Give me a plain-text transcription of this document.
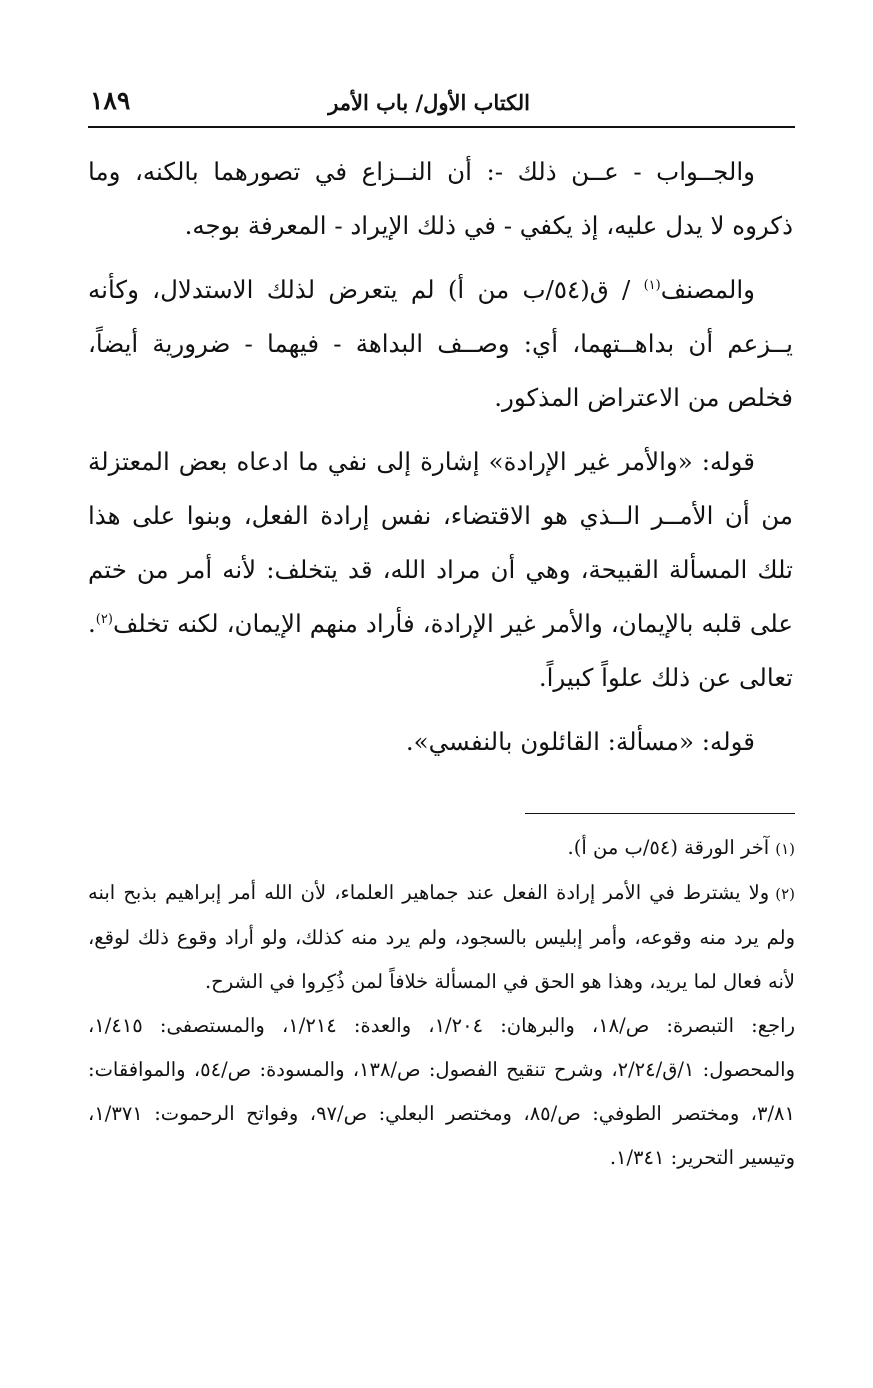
الكتاب الأول/ باب الأمر
١٨٩

والجــواب - عــن ذلك -: أن النــزاع في تصورهما بالكنه، وما ذكروه لا يدل عليه، إذ يكفي - في ذلك الإيراد - المعرفة بوجه.

والمصنف$^{(١)}$ / ق(٥٤/ب من أ) لم يتعرض لذلك الاستدلال، وكأنه يــزعم أن بداهــتهما، أي: وصــف البداهة - فيهما - ضرورية أيضاً، فخلص من الاعتراض المذكور.

قوله: «والأمر غير الإرادة» إشارة إلى نفي ما ادعاه بعض المعتزلة من أن الأمــر الــذي هو الاقتضاء، نفس إرادة الفعل، وبنوا على هذا تلك المسألة القبيحة، وهي أن مراد الله، قد يتخلف: لأنه أمر من ختم على قلبه بالإيمان، والأمر غير الإرادة، فأراد منهم الإيمان، لكنه تخلف$^{(٢)}$. تعالى عن ذلك علواً كبيراً.

قوله: «مسألة: القائلون بالنفسي».

(١)آخر الورقة (٥٤/ب من أ).

(٢)ولا يشترط في الأمر إرادة الفعل عند جماهير العلماء، لأن الله أمر إبراهيم بذبح ابنه ولم يرد منه وقوعه، وأمر إبليس بالسجود، ولم يرد منه كذلك، ولو أراد وقوع ذلك لوقع، لأنه فعال لما يريد، وهذا هو الحق في المسألة خلافاً لمن ذُكِروا في الشرح.

راجع: التبصرة: ص/١٨، والبرهان: ١/٢٠٤، والعدة: ١/٢١٤، والمستصفى: ١/٤١٥، والمحصول: ١/ق/٢/٢٤، وشرح تنقيح الفصول: ص/١٣٨، والمسودة: ص/٥٤، والموافقات: ٣/٨١، ومختصر الطوفي: ص/٨٥، ومختصر البعلي: ص/٩٧، وفواتح الرحموت: ١/٣٧١، وتيسير التحرير: ١/٣٤١.
